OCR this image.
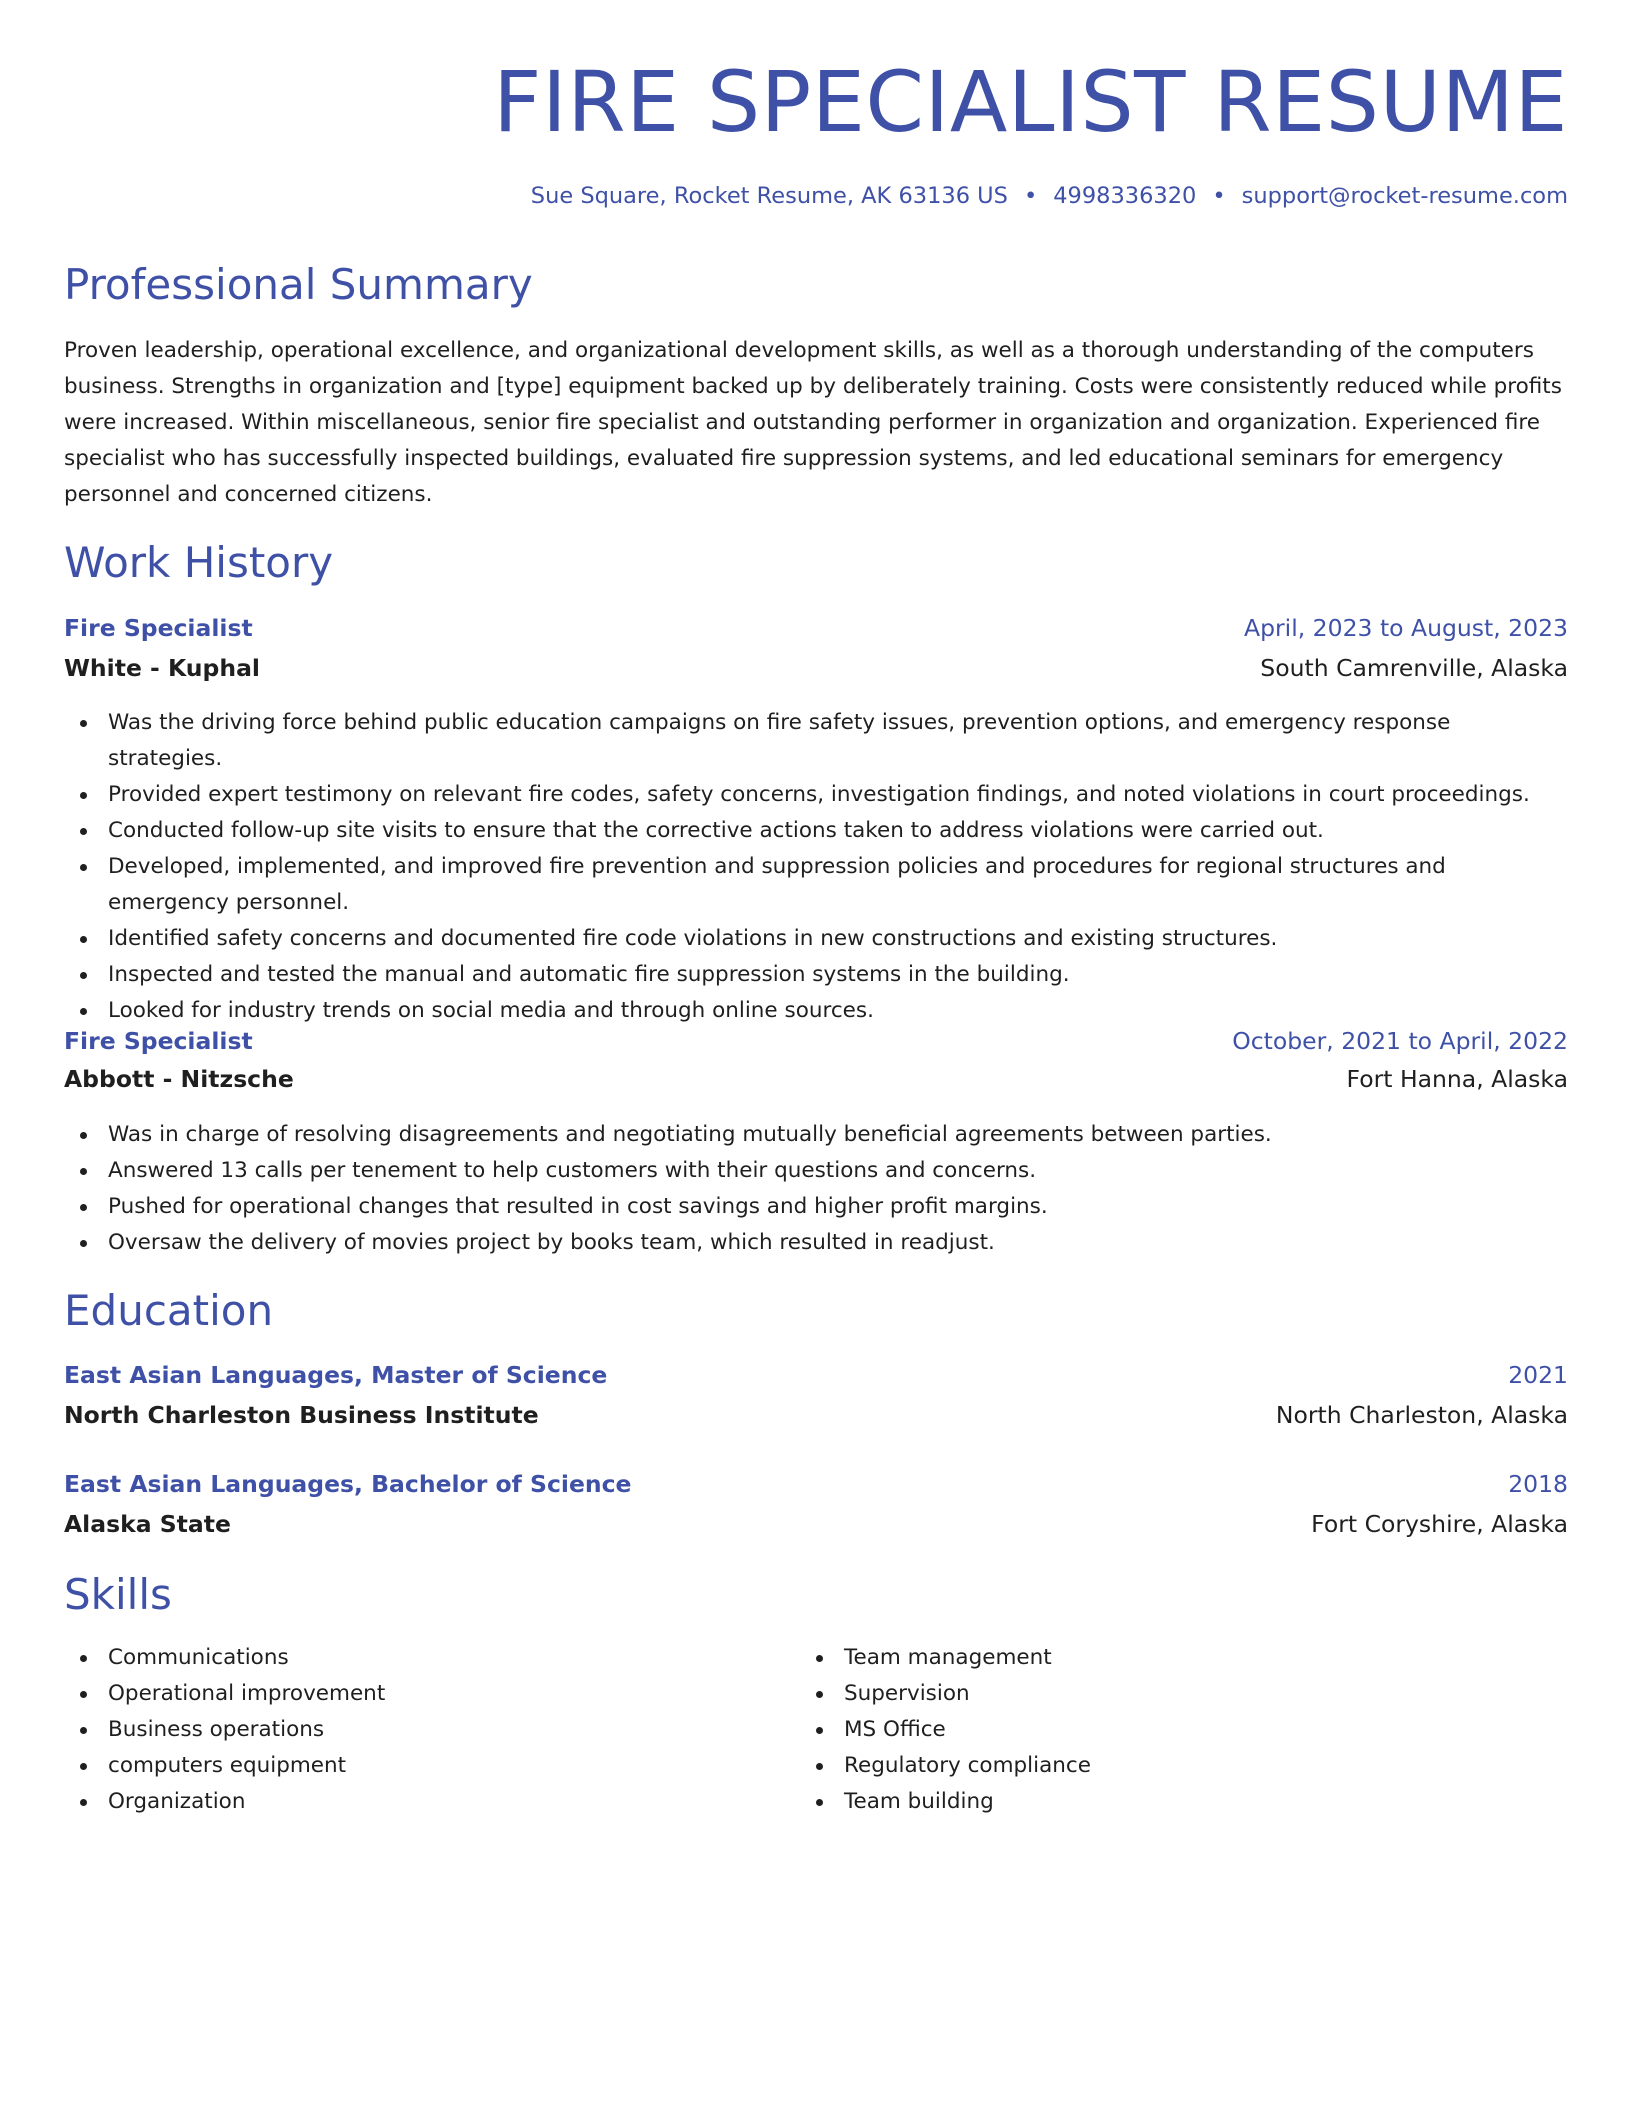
FIRE SPECIALIST RESUME

Sue Square, Rocket Resume, AK 63136 US • 4998336320 • support@rocket-resume.com

Professional Summary

Proven leadership, operational excellence, and organizational development skills, as well as a thorough understanding of the computers business. Strengths in organization and [type] equipment backed up by deliberately training. Costs were consistently reduced while profits were increased. Within miscellaneous, senior fire specialist and outstanding performer in organization and organization. Experienced fire specialist who has successfully inspected buildings, evaluated fire suppression systems, and led educational seminars for emergency personnel and concerned citizens.

Work History
Fire Specialist	April, 2023 to August, 2023
White - Kuphal	South Camrenville, Alaska
Was the driving force behind public education campaigns on fire safety issues, prevention options, and emergency response strategies.
Provided expert testimony on relevant fire codes, safety concerns, investigation findings, and noted violations in court proceedings.
Conducted follow-up site visits to ensure that the corrective actions taken to address violations were carried out.
Developed, implemented, and improved fire prevention and suppression policies and procedures for regional structures and emergency personnel.
Identified safety concerns and documented fire code violations in new constructions and existing structures.
Inspected and tested the manual and automatic fire suppression systems in the building.
Looked for industry trends on social media and through online sources.
Fire Specialist	October, 2021 to April, 2022
Abbott - Nitzsche	Fort Hanna, Alaska
Was in charge of resolving disagreements and negotiating mutually beneficial agreements between parties.
Answered 13 calls per tenement to help customers with their questions and concerns.
Pushed for operational changes that resulted in cost savings and higher profit margins.
Oversaw the delivery of movies project by books team, which resulted in readjust.
Education
East Asian Languages, Master of Science	2021
North Charleston Business Institute	North Charleston, Alaska
East Asian Languages, Bachelor of Science	2018
Alaska State	Fort Coryshire, Alaska
Skills
Communications
Operational improvement
Business operations
computers equipment
Organization
Team management
Supervision
MS Office
Regulatory compliance
Team building
